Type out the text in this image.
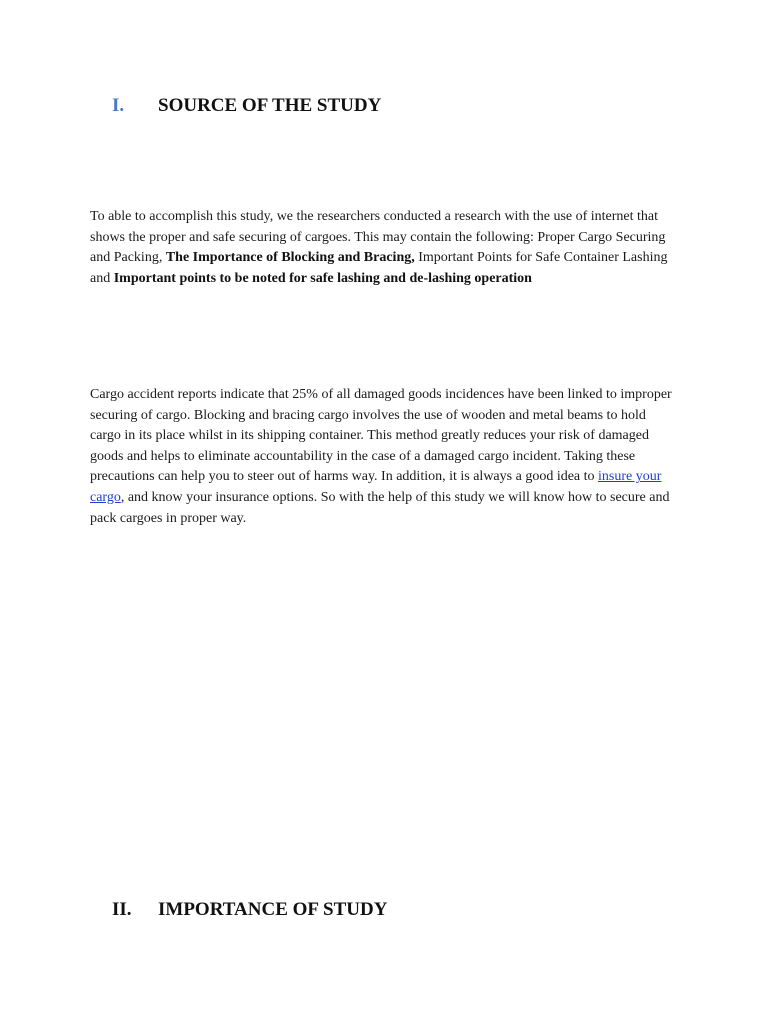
I. SOURCE OF THE STUDY

To able to accomplish this study, we the researchers conducted a research with the use of internet that shows the proper and safe securing of cargoes. This may contain the following: Proper Cargo Securing and Packing, The Importance of Blocking and Bracing, Important Points for Safe Container Lashing and Important points to be noted for safe lashing and de-lashing operation

Cargo accident reports indicate that 25% of all damaged goods incidences have been linked to improper securing of cargo. Blocking and bracing cargo involves the use of wooden and metal beams to hold cargo in its place whilst in its shipping container. This method greatly reduces your risk of damaged goods and helps to eliminate accountability in the case of a damaged cargo incident. Taking these precautions can help you to steer out of harms way. In addition, it is always a good idea to insure your cargo, and know your insurance options. So with the help of this study we will know how to secure and pack cargoes in proper way.

II. IMPORTANCE OF STUDY
